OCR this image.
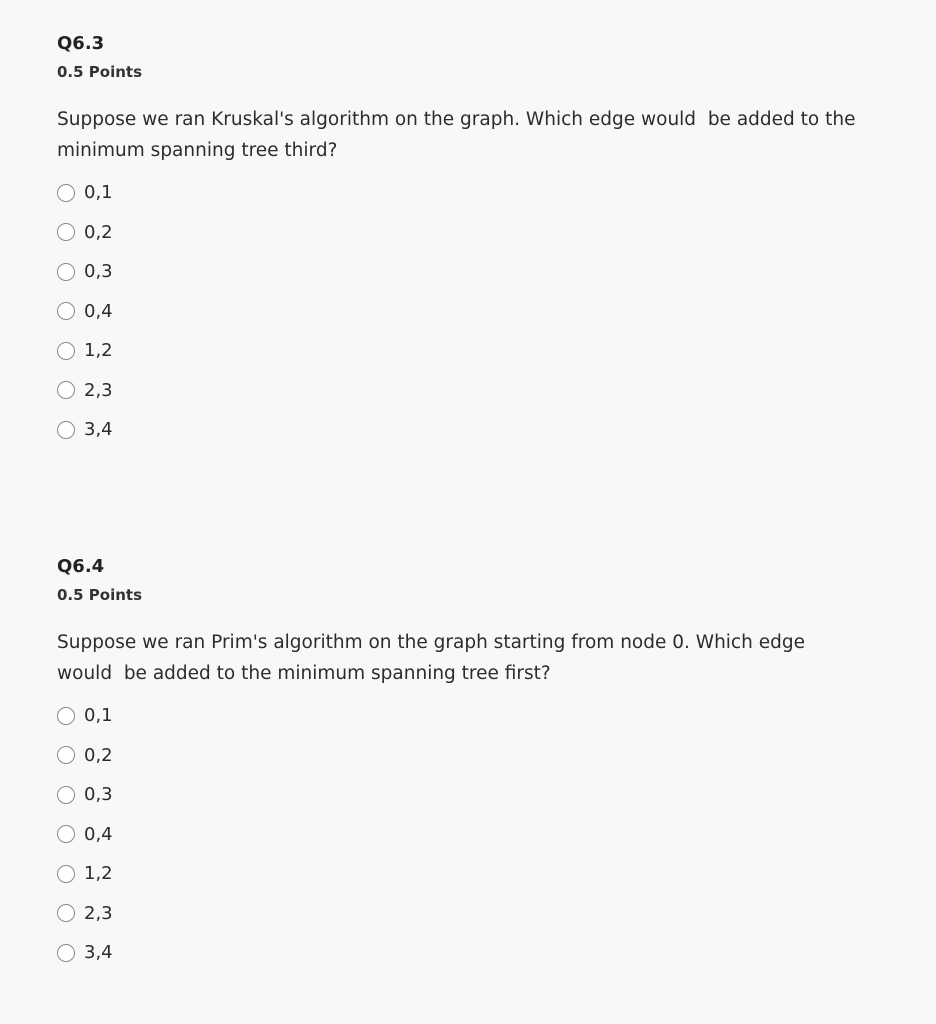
Q6.3
0.5 Points
Suppose we ran Kruskal's algorithm on the graph. Which edge would  be added to the
minimum spanning tree third?
0,1
0,2
0,3
0,4
1,2
2,3
3,4
Q6.4
0.5 Points
Suppose we ran Prim's algorithm on the graph starting from node 0. Which edge
would  be added to the minimum spanning tree first?
0,1
0,2
0,3
0,4
1,2
2,3
3,4
